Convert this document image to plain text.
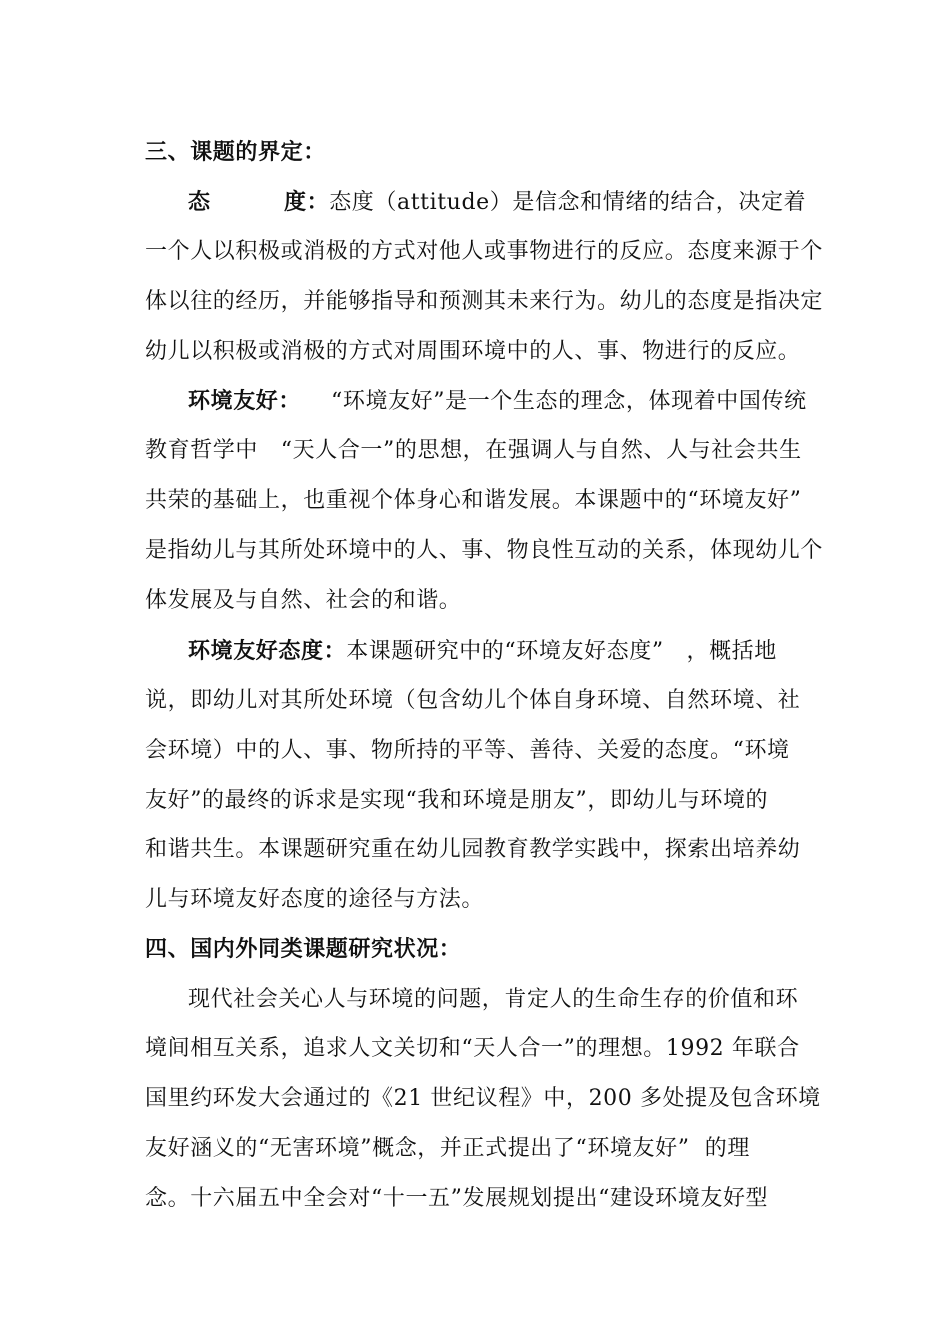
三、课题的界定：
态	度：态度（attitude）是信念和情绪的结合，决定着
一个人以积极或消极的方式对他人或事物进行的反应。态度来源于个
体以往的经历，并能够指导和预测其未来行为。幼儿的态度是指决定
幼儿以积极或消极的方式对周围环境中的人、事、物进行的反应。
环境友好： “环境友好”是一个生态的理念，体现着中国传统
教育哲学中   “天人合一”的思想，在强调人与自然、人与社会共生
共荣的基础上，也重视个体身心和谐发展。本课题中的“环境友好”
是指幼儿与其所处环境中的人、事、物良性互动的关系，体现幼儿个
体发展及与自然、社会的和谐。
环境友好态度：本课题研究中的“环境友好态度”   ，概括地
说，即幼儿对其所处环境（包含幼儿个体自身环境、自然环境、社
会环境）中的人、事、物所持的平等、善待、关爱的态度。“环境
友好”的最终的诉求是实现“我和环境是朋友”，即幼儿与环境的
和谐共生。本课题研究重在幼儿园教育教学实践中，探索出培养幼
儿与环境友好态度的途径与方法。
四、国内外同类课题研究状况：
现代社会关心人与环境的问题，肯定人的生命生存的价值和环
境间相互关系，追求人文关切和“天人合一”的理想。1992 年联合
国里约环发大会通过的《21 世纪议程》中，200 多处提及包含环境
友好涵义的“无害环境”概念，并正式提出了“环境友好”  的理
念。十六届五中全会对“十一五”发展规划提出“建设环境友好型
